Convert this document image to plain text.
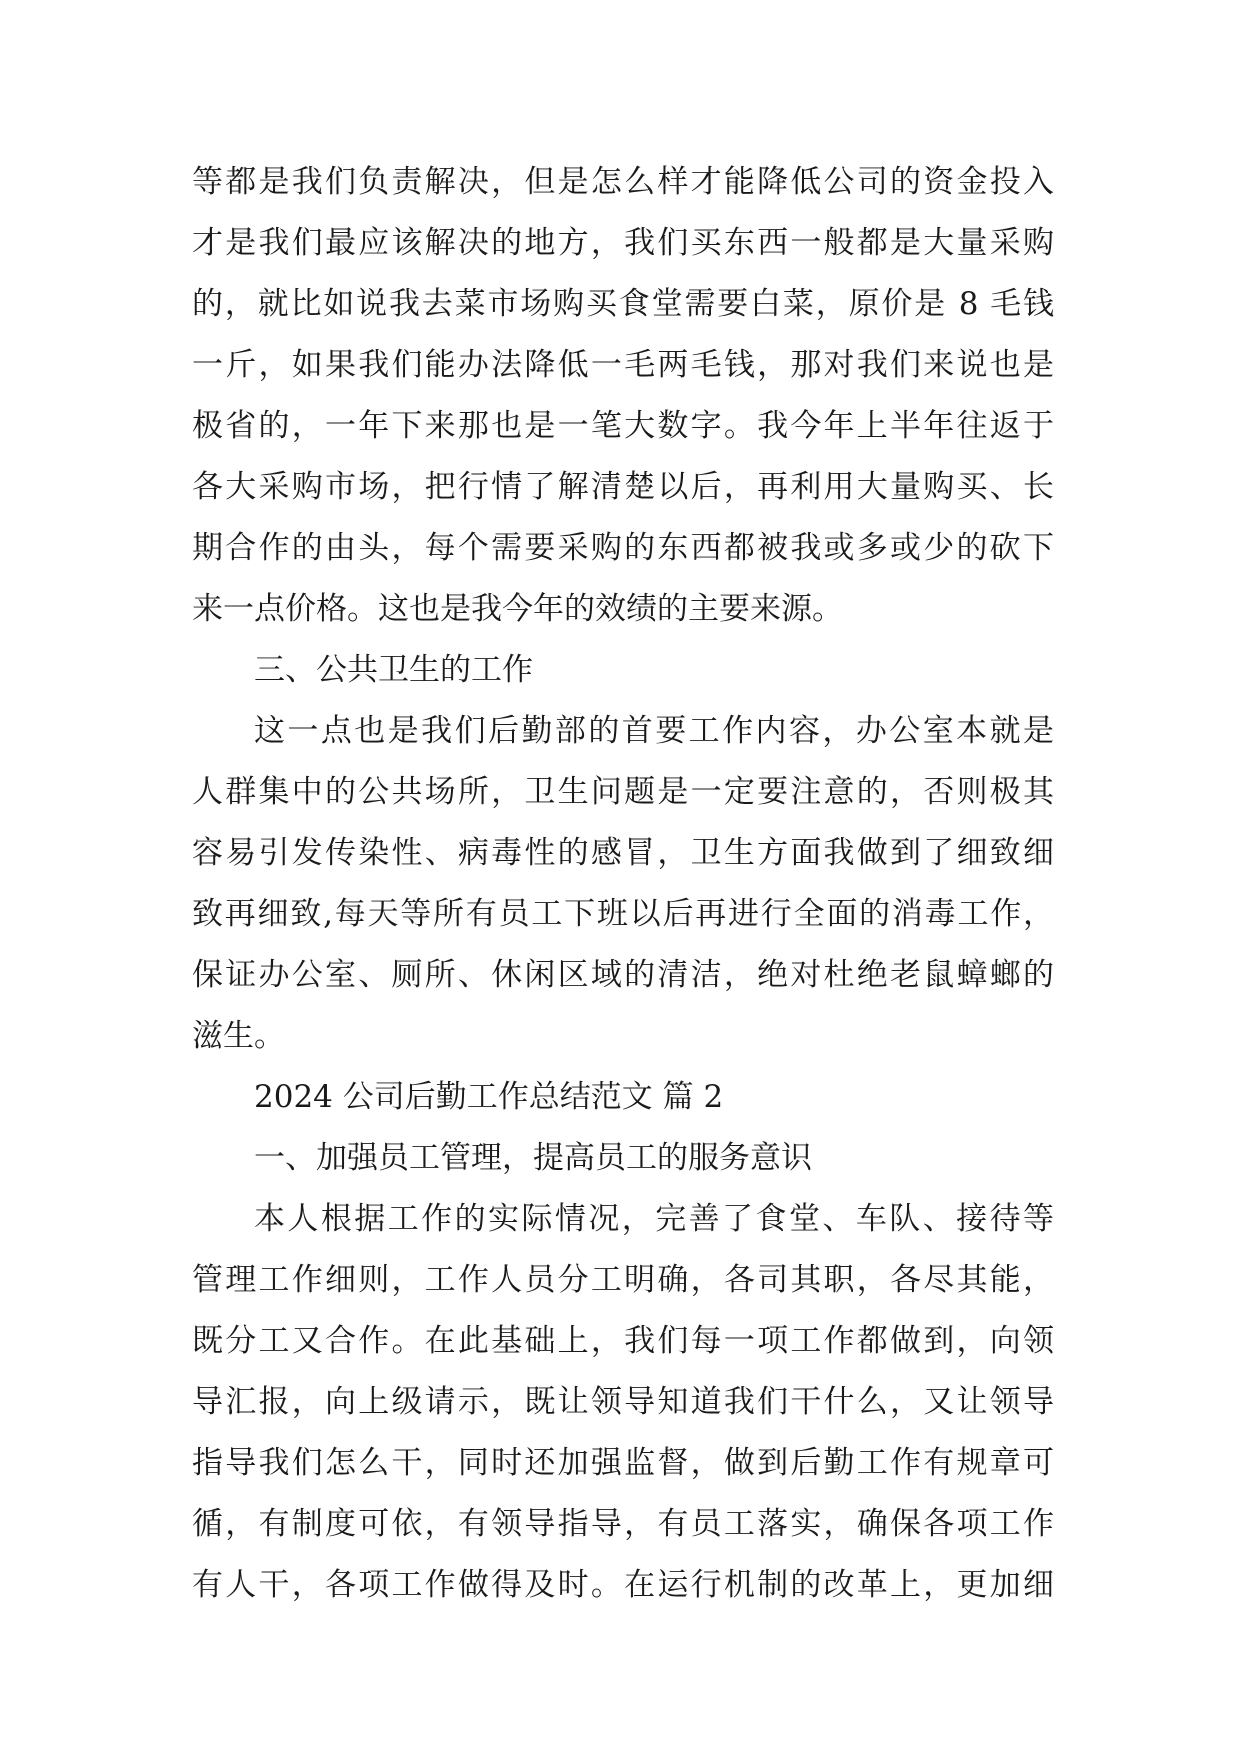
等都是我们负责解决，但是怎么样才能降低公司的资金投入
才是我们最应该解决的地方，我们买东西一般都是大量采购
的，就比如说我去菜市场购买食堂需要白菜，原价是 8 毛钱
一斤，如果我们能办法降低一毛两毛钱，那对我们来说也是
极省的，一年下来那也是一笔大数字。我今年上半年往返于
各大采购市场，把行情了解清楚以后，再利用大量购买、长
期合作的由头，每个需要采购的东西都被我或多或少的砍下
来一点价格。这也是我今年的效绩的主要来源。
三、公共卫生的工作
这一点也是我们后勤部的首要工作内容，办公室本就是
人群集中的公共场所，卫生问题是一定要注意的，否则极其
容易引发传染性、病毒性的感冒，卫生方面我做到了细致细
致再细致,每天等所有员工下班以后再进行全面的消毒工作，
保证办公室、厕所、休闲区域的清洁，绝对杜绝老鼠蟑螂的
滋生。
2024 公司后勤工作总结范文 篇 2
一、加强员工管理，提高员工的服务意识
本人根据工作的实际情况，完善了食堂、车队、接待等
管理工作细则，工作人员分工明确，各司其职，各尽其能，
既分工又合作。在此基础上，我们每一项工作都做到，向领
导汇报，向上级请示，既让领导知道我们干什么，又让领导
指导我们怎么干，同时还加强监督，做到后勤工作有规章可
循，有制度可依，有领导指导，有员工落实，确保各项工作
有人干，各项工作做得及时。在运行机制的改革上，更加细
